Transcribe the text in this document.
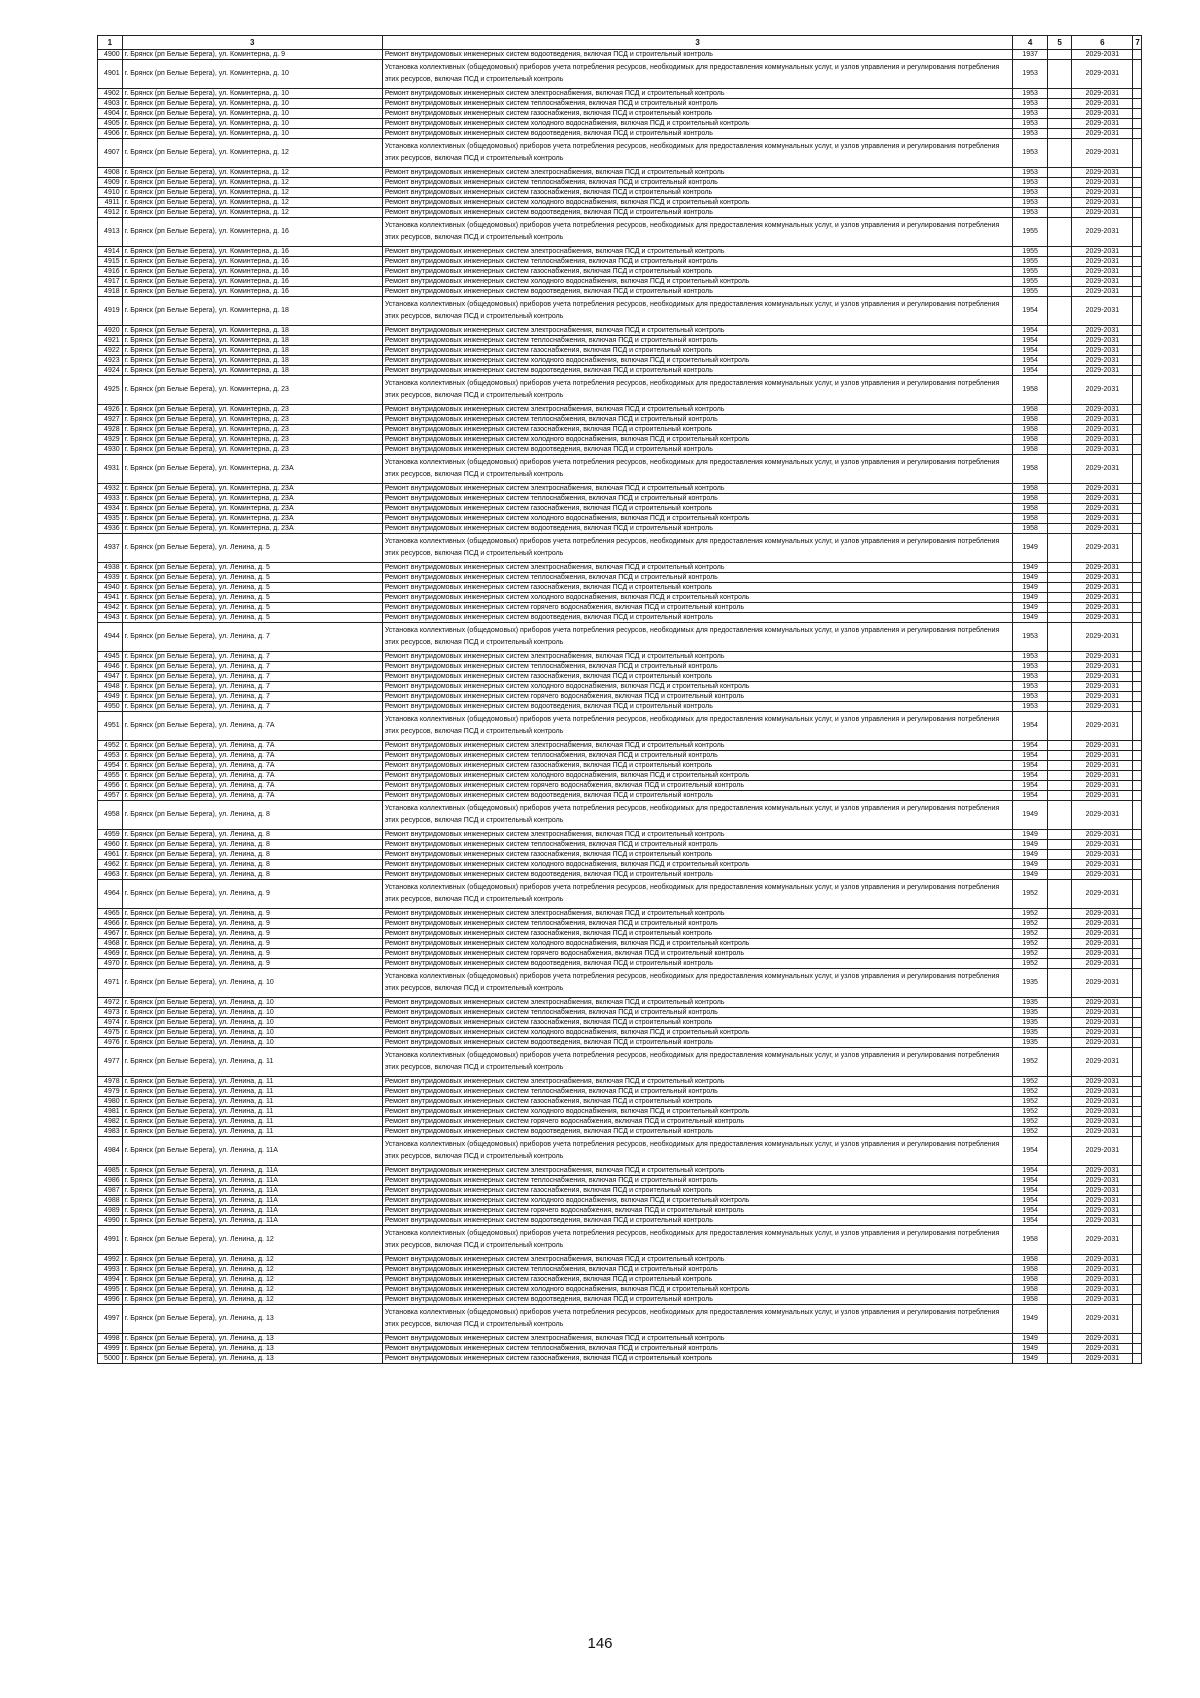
1	3	3	4	5	6	7
4900	г. Брянск (рп Белые Берега), ул. Коминтерна, д. 9	Ремонт внутридомовых инженерных систем водоотведения, включая ПСД и строительный контроль	1937		2029-2031	
4901	г. Брянск (рп Белые Берега), ул. Коминтерна, д. 10	Установка коллективных (общедомовых) приборов учета потребления ресурсов, необходимых для предоставления коммунальных услуг, и узлов управления и регулирования потребления этих ресурсов, включая ПСД и строительный контроль	1953		2029-2031	
4902	г. Брянск (рп Белые Берега), ул. Коминтерна, д. 10	Ремонт внутридомовых инженерных систем электроснабжения, включая ПСД и строительный контроль	1953		2029-2031	
4903	г. Брянск (рп Белые Берега), ул. Коминтерна, д. 10	Ремонт внутридомовых инженерных систем теплоснабжения, включая ПСД и строительный контроль	1953		2029-2031	
4904	г. Брянск (рп Белые Берега), ул. Коминтерна, д. 10	Ремонт внутридомовых инженерных систем газоснабжения, включая ПСД и строительный контроль	1953		2029-2031	
4905	г. Брянск (рп Белые Берега), ул. Коминтерна, д. 10	Ремонт внутридомовых инженерных систем холодного водоснабжения, включая ПСД и строительный контроль	1953		2029-2031	
4906	г. Брянск (рп Белые Берега), ул. Коминтерна, д. 10	Ремонт внутридомовых инженерных систем водоотведения, включая ПСД и строительный контроль	1953		2029-2031	
4907	г. Брянск (рп Белые Берега), ул. Коминтерна, д. 12	Установка коллективных (общедомовых) приборов учета потребления ресурсов, необходимых для предоставления коммунальных услуг, и узлов управления и регулирования потребления этих ресурсов, включая ПСД и строительный контроль	1953		2029-2031	
4908	г. Брянск (рп Белые Берега), ул. Коминтерна, д. 12	Ремонт внутридомовых инженерных систем электроснабжения, включая ПСД и строительный контроль	1953		2029-2031	
4909	г. Брянск (рп Белые Берега), ул. Коминтерна, д. 12	Ремонт внутридомовых инженерных систем теплоснабжения, включая ПСД и строительный контроль	1953		2029-2031	
4910	г. Брянск (рп Белые Берега), ул. Коминтерна, д. 12	Ремонт внутридомовых инженерных систем газоснабжения, включая ПСД и строительный контроль	1953		2029-2031	
4911	г. Брянск (рп Белые Берега), ул. Коминтерна, д. 12	Ремонт внутридомовых инженерных систем холодного водоснабжения, включая ПСД и строительный контроль	1953		2029-2031	
4912	г. Брянск (рп Белые Берега), ул. Коминтерна, д. 12	Ремонт внутридомовых инженерных систем водоотведения, включая ПСД и строительный контроль	1953		2029-2031	
4913	г. Брянск (рп Белые Берега), ул. Коминтерна, д. 16	Установка коллективных (общедомовых) приборов учета потребления ресурсов, необходимых для предоставления коммунальных услуг, и узлов управления и регулирования потребления этих ресурсов, включая ПСД и строительный контроль	1955		2029-2031	
4914	г. Брянск (рп Белые Берега), ул. Коминтерна, д. 16	Ремонт внутридомовых инженерных систем электроснабжения, включая ПСД и строительный контроль	1955		2029-2031	
4915	г. Брянск (рп Белые Берега), ул. Коминтерна, д. 16	Ремонт внутридомовых инженерных систем теплоснабжения, включая ПСД и строительный контроль	1955		2029-2031	
4916	г. Брянск (рп Белые Берега), ул. Коминтерна, д. 16	Ремонт внутридомовых инженерных систем газоснабжения, включая ПСД и строительный контроль	1955		2029-2031	
4917	г. Брянск (рп Белые Берега), ул. Коминтерна, д. 16	Ремонт внутридомовых инженерных систем холодного водоснабжения, включая ПСД и строительный контроль	1955		2029-2031	
4918	г. Брянск (рп Белые Берега), ул. Коминтерна, д. 16	Ремонт внутридомовых инженерных систем водоотведения, включая ПСД и строительный контроль	1955		2029-2031	
4919	г. Брянск (рп Белые Берега), ул. Коминтерна, д. 18	Установка коллективных (общедомовых) приборов учета потребления ресурсов, необходимых для предоставления коммунальных услуг, и узлов управления и регулирования потребления этих ресурсов, включая ПСД и строительный контроль	1954		2029-2031	
4920	г. Брянск (рп Белые Берега), ул. Коминтерна, д. 18	Ремонт внутридомовых инженерных систем электроснабжения, включая ПСД и строительный контроль	1954		2029-2031	
4921	г. Брянск (рп Белые Берега), ул. Коминтерна, д. 18	Ремонт внутридомовых инженерных систем теплоснабжения, включая ПСД и строительный контроль	1954		2029-2031	
4922	г. Брянск (рп Белые Берега), ул. Коминтерна, д. 18	Ремонт внутридомовых инженерных систем газоснабжения, включая ПСД и строительный контроль	1954		2029-2031	
4923	г. Брянск (рп Белые Берега), ул. Коминтерна, д. 18	Ремонт внутридомовых инженерных систем холодного водоснабжения, включая ПСД и строительный контроль	1954		2029-2031	
4924	г. Брянск (рп Белые Берега), ул. Коминтерна, д. 18	Ремонт внутридомовых инженерных систем водоотведения, включая ПСД и строительный контроль	1954		2029-2031	
4925	г. Брянск (рп Белые Берега), ул. Коминтерна, д. 23	Установка коллективных (общедомовых) приборов учета потребления ресурсов, необходимых для предоставления коммунальных услуг, и узлов управления и регулирования потребления этих ресурсов, включая ПСД и строительный контроль	1958		2029-2031	
4926	г. Брянск (рп Белые Берега), ул. Коминтерна, д. 23	Ремонт внутридомовых инженерных систем электроснабжения, включая ПСД и строительный контроль	1958		2029-2031	
4927	г. Брянск (рп Белые Берега), ул. Коминтерна, д. 23	Ремонт внутридомовых инженерных систем теплоснабжения, включая ПСД и строительный контроль	1958		2029-2031	
4928	г. Брянск (рп Белые Берега), ул. Коминтерна, д. 23	Ремонт внутридомовых инженерных систем газоснабжения, включая ПСД и строительный контроль	1958		2029-2031	
4929	г. Брянск (рп Белые Берега), ул. Коминтерна, д. 23	Ремонт внутридомовых инженерных систем холодного водоснабжения, включая ПСД и строительный контроль	1958		2029-2031	
4930	г. Брянск (рп Белые Берега), ул. Коминтерна, д. 23	Ремонт внутридомовых инженерных систем водоотведения, включая ПСД и строительный контроль	1958		2029-2031	
4931	г. Брянск (рп Белые Берега), ул. Коминтерна, д. 23А	Установка коллективных (общедомовых) приборов учета потребления ресурсов, необходимых для предоставления коммунальных услуг, и узлов управления и регулирования потребления этих ресурсов, включая ПСД и строительный контроль	1958		2029-2031	
4932	г. Брянск (рп Белые Берега), ул. Коминтерна, д. 23А	Ремонт внутридомовых инженерных систем электроснабжения, включая ПСД и строительный контроль	1958		2029-2031	
4933	г. Брянск (рп Белые Берега), ул. Коминтерна, д. 23А	Ремонт внутридомовых инженерных систем теплоснабжения, включая ПСД и строительный контроль	1958		2029-2031	
4934	г. Брянск (рп Белые Берега), ул. Коминтерна, д. 23А	Ремонт внутридомовых инженерных систем газоснабжения, включая ПСД и строительный контроль	1958		2029-2031	
4935	г. Брянск (рп Белые Берега), ул. Коминтерна, д. 23А	Ремонт внутридомовых инженерных систем холодного водоснабжения, включая ПСД и строительный контроль	1958		2029-2031	
4936	г. Брянск (рп Белые Берега), ул. Коминтерна, д. 23А	Ремонт внутридомовых инженерных систем водоотведения, включая ПСД и строительный контроль	1958		2029-2031	
4937	г. Брянск (рп Белые Берега), ул. Ленина, д. 5	Установка коллективных (общедомовых) приборов учета потребления ресурсов, необходимых для предоставления коммунальных услуг, и узлов управления и регулирования потребления этих ресурсов, включая ПСД и строительный контроль	1949		2029-2031	
4938	г. Брянск (рп Белые Берега), ул. Ленина, д. 5	Ремонт внутридомовых инженерных систем электроснабжения, включая ПСД и строительный контроль	1949		2029-2031	
4939	г. Брянск (рп Белые Берега), ул. Ленина, д. 5	Ремонт внутридомовых инженерных систем теплоснабжения, включая ПСД и строительный контроль	1949		2029-2031	
4940	г. Брянск (рп Белые Берега), ул. Ленина, д. 5	Ремонт внутридомовых инженерных систем газоснабжения, включая ПСД и строительный контроль	1949		2029-2031	
4941	г. Брянск (рп Белые Берега), ул. Ленина, д. 5	Ремонт внутридомовых инженерных систем холодного водоснабжения, включая ПСД и строительный контроль	1949		2029-2031	
4942	г. Брянск (рп Белые Берега), ул. Ленина, д. 5	Ремонт внутридомовых инженерных систем горячего водоснабжения, включая ПСД и строительный контроль	1949		2029-2031	
4943	г. Брянск (рп Белые Берега), ул. Ленина, д. 5	Ремонт внутридомовых инженерных систем водоотведения, включая ПСД и строительный контроль	1949		2029-2031	
4944	г. Брянск (рп Белые Берега), ул. Ленина, д. 7	Установка коллективных (общедомовых) приборов учета потребления ресурсов, необходимых для предоставления коммунальных услуг, и узлов управления и регулирования потребления этих ресурсов, включая ПСД и строительный контроль	1953		2029-2031	
4945	г. Брянск (рп Белые Берега), ул. Ленина, д. 7	Ремонт внутридомовых инженерных систем электроснабжения, включая ПСД и строительный контроль	1953		2029-2031	
4946	г. Брянск (рп Белые Берега), ул. Ленина, д. 7	Ремонт внутридомовых инженерных систем теплоснабжения, включая ПСД и строительный контроль	1953		2029-2031	
4947	г. Брянск (рп Белые Берега), ул. Ленина, д. 7	Ремонт внутридомовых инженерных систем газоснабжения, включая ПСД и строительный контроль	1953		2029-2031	
4948	г. Брянск (рп Белые Берега), ул. Ленина, д. 7	Ремонт внутридомовых инженерных систем холодного водоснабжения, включая ПСД и строительный контроль	1953		2029-2031	
4949	г. Брянск (рп Белые Берега), ул. Ленина, д. 7	Ремонт внутридомовых инженерных систем горячего водоснабжения, включая ПСД и строительный контроль	1953		2029-2031	
4950	г. Брянск (рп Белые Берега), ул. Ленина, д. 7	Ремонт внутридомовых инженерных систем водоотведения, включая ПСД и строительный контроль	1953		2029-2031	
4951	г. Брянск (рп Белые Берега), ул. Ленина, д. 7А	Установка коллективных (общедомовых) приборов учета потребления ресурсов, необходимых для предоставления коммунальных услуг, и узлов управления и регулирования потребления этих ресурсов, включая ПСД и строительный контроль	1954		2029-2031	
4952	г. Брянск (рп Белые Берега), ул. Ленина, д. 7А	Ремонт внутридомовых инженерных систем электроснабжения, включая ПСД и строительный контроль	1954		2029-2031	
4953	г. Брянск (рп Белые Берега), ул. Ленина, д. 7А	Ремонт внутридомовых инженерных систем теплоснабжения, включая ПСД и строительный контроль	1954		2029-2031	
4954	г. Брянск (рп Белые Берега), ул. Ленина, д. 7А	Ремонт внутридомовых инженерных систем газоснабжения, включая ПСД и строительный контроль	1954		2029-2031	
4955	г. Брянск (рп Белые Берега), ул. Ленина, д. 7А	Ремонт внутридомовых инженерных систем холодного водоснабжения, включая ПСД и строительный контроль	1954		2029-2031	
4956	г. Брянск (рп Белые Берега), ул. Ленина, д. 7А	Ремонт внутридомовых инженерных систем горячего водоснабжения, включая ПСД и строительный контроль	1954		2029-2031	
4957	г. Брянск (рп Белые Берега), ул. Ленина, д. 7А	Ремонт внутридомовых инженерных систем водоотведения, включая ПСД и строительный контроль	1954		2029-2031	
4958	г. Брянск (рп Белые Берега), ул. Ленина, д. 8	Установка коллективных (общедомовых) приборов учета потребления ресурсов, необходимых для предоставления коммунальных услуг, и узлов управления и регулирования потребления этих ресурсов, включая ПСД и строительный контроль	1949		2029-2031	
4959	г. Брянск (рп Белые Берега), ул. Ленина, д. 8	Ремонт внутридомовых инженерных систем электроснабжения, включая ПСД и строительный контроль	1949		2029-2031	
4960	г. Брянск (рп Белые Берега), ул. Ленина, д. 8	Ремонт внутридомовых инженерных систем теплоснабжения, включая ПСД и строительный контроль	1949		2029-2031	
4961	г. Брянск (рп Белые Берега), ул. Ленина, д. 8	Ремонт внутридомовых инженерных систем газоснабжения, включая ПСД и строительный контроль	1949		2029-2031	
4962	г. Брянск (рп Белые Берега), ул. Ленина, д. 8	Ремонт внутридомовых инженерных систем холодного водоснабжения, включая ПСД и строительный контроль	1949		2029-2031	
4963	г. Брянск (рп Белые Берега), ул. Ленина, д. 8	Ремонт внутридомовых инженерных систем водоотведения, включая ПСД и строительный контроль	1949		2029-2031	
4964	г. Брянск (рп Белые Берега), ул. Ленина, д. 9	Установка коллективных (общедомовых) приборов учета потребления ресурсов, необходимых для предоставления коммунальных услуг, и узлов управления и регулирования потребления этих ресурсов, включая ПСД и строительный контроль	1952		2029-2031	
4965	г. Брянск (рп Белые Берега), ул. Ленина, д. 9	Ремонт внутридомовых инженерных систем электроснабжения, включая ПСД и строительный контроль	1952		2029-2031	
4966	г. Брянск (рп Белые Берега), ул. Ленина, д. 9	Ремонт внутридомовых инженерных систем теплоснабжения, включая ПСД и строительный контроль	1952		2029-2031	
4967	г. Брянск (рп Белые Берега), ул. Ленина, д. 9	Ремонт внутридомовых инженерных систем газоснабжения, включая ПСД и строительный контроль	1952		2029-2031	
4968	г. Брянск (рп Белые Берега), ул. Ленина, д. 9	Ремонт внутридомовых инженерных систем холодного водоснабжения, включая ПСД и строительный контроль	1952		2029-2031	
4969	г. Брянск (рп Белые Берега), ул. Ленина, д. 9	Ремонт внутридомовых инженерных систем горячего водоснабжения, включая ПСД и строительный контроль	1952		2029-2031	
4970	г. Брянск (рп Белые Берега), ул. Ленина, д. 9	Ремонт внутридомовых инженерных систем водоотведения, включая ПСД и строительный контроль	1952		2029-2031	
4971	г. Брянск (рп Белые Берега), ул. Ленина, д. 10	Установка коллективных (общедомовых) приборов учета потребления ресурсов, необходимых для предоставления коммунальных услуг, и узлов управления и регулирования потребления этих ресурсов, включая ПСД и строительный контроль	1935		2029-2031	
4972	г. Брянск (рп Белые Берега), ул. Ленина, д. 10	Ремонт внутридомовых инженерных систем электроснабжения, включая ПСД и строительный контроль	1935		2029-2031	
4973	г. Брянск (рп Белые Берега), ул. Ленина, д. 10	Ремонт внутридомовых инженерных систем теплоснабжения, включая ПСД и строительный контроль	1935		2029-2031	
4974	г. Брянск (рп Белые Берега), ул. Ленина, д. 10	Ремонт внутридомовых инженерных систем газоснабжения, включая ПСД и строительный контроль	1935		2029-2031	
4975	г. Брянск (рп Белые Берега), ул. Ленина, д. 10	Ремонт внутридомовых инженерных систем холодного водоснабжения, включая ПСД и строительный контроль	1935		2029-2031	
4976	г. Брянск (рп Белые Берега), ул. Ленина, д. 10	Ремонт внутридомовых инженерных систем водоотведения, включая ПСД и строительный контроль	1935		2029-2031	
4977	г. Брянск (рп Белые Берега), ул. Ленина, д. 11	Установка коллективных (общедомовых) приборов учета потребления ресурсов, необходимых для предоставления коммунальных услуг, и узлов управления и регулирования потребления этих ресурсов, включая ПСД и строительный контроль	1952		2029-2031	
4978	г. Брянск (рп Белые Берега), ул. Ленина, д. 11	Ремонт внутридомовых инженерных систем электроснабжения, включая ПСД и строительный контроль	1952		2029-2031	
4979	г. Брянск (рп Белые Берега), ул. Ленина, д. 11	Ремонт внутридомовых инженерных систем теплоснабжения, включая ПСД и строительный контроль	1952		2029-2031	
4980	г. Брянск (рп Белые Берега), ул. Ленина, д. 11	Ремонт внутридомовых инженерных систем газоснабжения, включая ПСД и строительный контроль	1952		2029-2031	
4981	г. Брянск (рп Белые Берега), ул. Ленина, д. 11	Ремонт внутридомовых инженерных систем холодного водоснабжения, включая ПСД и строительный контроль	1952		2029-2031	
4982	г. Брянск (рп Белые Берега), ул. Ленина, д. 11	Ремонт внутридомовых инженерных систем горячего водоснабжения, включая ПСД и строительный контроль	1952		2029-2031	
4983	г. Брянск (рп Белые Берега), ул. Ленина, д. 11	Ремонт внутридомовых инженерных систем водоотведения, включая ПСД и строительный контроль	1952		2029-2031	
4984	г. Брянск (рп Белые Берега), ул. Ленина, д. 11А	Установка коллективных (общедомовых) приборов учета потребления ресурсов, необходимых для предоставления коммунальных услуг, и узлов управления и регулирования потребления этих ресурсов, включая ПСД и строительный контроль	1954		2029-2031	
4985	г. Брянск (рп Белые Берега), ул. Ленина, д. 11А	Ремонт внутридомовых инженерных систем электроснабжения, включая ПСД и строительный контроль	1954		2029-2031	
4986	г. Брянск (рп Белые Берега), ул. Ленина, д. 11А	Ремонт внутридомовых инженерных систем теплоснабжения, включая ПСД и строительный контроль	1954		2029-2031	
4987	г. Брянск (рп Белые Берега), ул. Ленина, д. 11А	Ремонт внутридомовых инженерных систем газоснабжения, включая ПСД и строительный контроль	1954		2029-2031	
4988	г. Брянск (рп Белые Берега), ул. Ленина, д. 11А	Ремонт внутридомовых инженерных систем холодного водоснабжения, включая ПСД и строительный контроль	1954		2029-2031	
4989	г. Брянск (рп Белые Берега), ул. Ленина, д. 11А	Ремонт внутридомовых инженерных систем горячего водоснабжения, включая ПСД и строительный контроль	1954		2029-2031	
4990	г. Брянск (рп Белые Берега), ул. Ленина, д. 11А	Ремонт внутридомовых инженерных систем водоотведения, включая ПСД и строительный контроль	1954		2029-2031	
4991	г. Брянск (рп Белые Берега), ул. Ленина, д. 12	Установка коллективных (общедомовых) приборов учета потребления ресурсов, необходимых для предоставления коммунальных услуг, и узлов управления и регулирования потребления этих ресурсов, включая ПСД и строительный контроль	1958		2029-2031	
4992	г. Брянск (рп Белые Берега), ул. Ленина, д. 12	Ремонт внутридомовых инженерных систем электроснабжения, включая ПСД и строительный контроль	1958		2029-2031	
4993	г. Брянск (рп Белые Берега), ул. Ленина, д. 12	Ремонт внутридомовых инженерных систем теплоснабжения, включая ПСД и строительный контроль	1958		2029-2031	
4994	г. Брянск (рп Белые Берега), ул. Ленина, д. 12	Ремонт внутридомовых инженерных систем газоснабжения, включая ПСД и строительный контроль	1958		2029-2031	
4995	г. Брянск (рп Белые Берега), ул. Ленина, д. 12	Ремонт внутридомовых инженерных систем холодного водоснабжения, включая ПСД и строительный контроль	1958		2029-2031	
4996	г. Брянск (рп Белые Берега), ул. Ленина, д. 12	Ремонт внутридомовых инженерных систем водоотведения, включая ПСД и строительный контроль	1958		2029-2031	
4997	г. Брянск (рп Белые Берега), ул. Ленина, д. 13	Установка коллективных (общедомовых) приборов учета потребления ресурсов, необходимых для предоставления коммунальных услуг, и узлов управления и регулирования потребления этих ресурсов, включая ПСД и строительный контроль	1949		2029-2031	
4998	г. Брянск (рп Белые Берега), ул. Ленина, д. 13	Ремонт внутридомовых инженерных систем электроснабжения, включая ПСД и строительный контроль	1949		2029-2031	
4999	г. Брянск (рп Белые Берега), ул. Ленина, д. 13	Ремонт внутридомовых инженерных систем теплоснабжения, включая ПСД и строительный контроль	1949		2029-2031	
5000	г. Брянск (рп Белые Берега), ул. Ленина, д. 13	Ремонт внутридомовых инженерных систем газоснабжения, включая ПСД и строительный контроль	1949		2029-2031	
146
